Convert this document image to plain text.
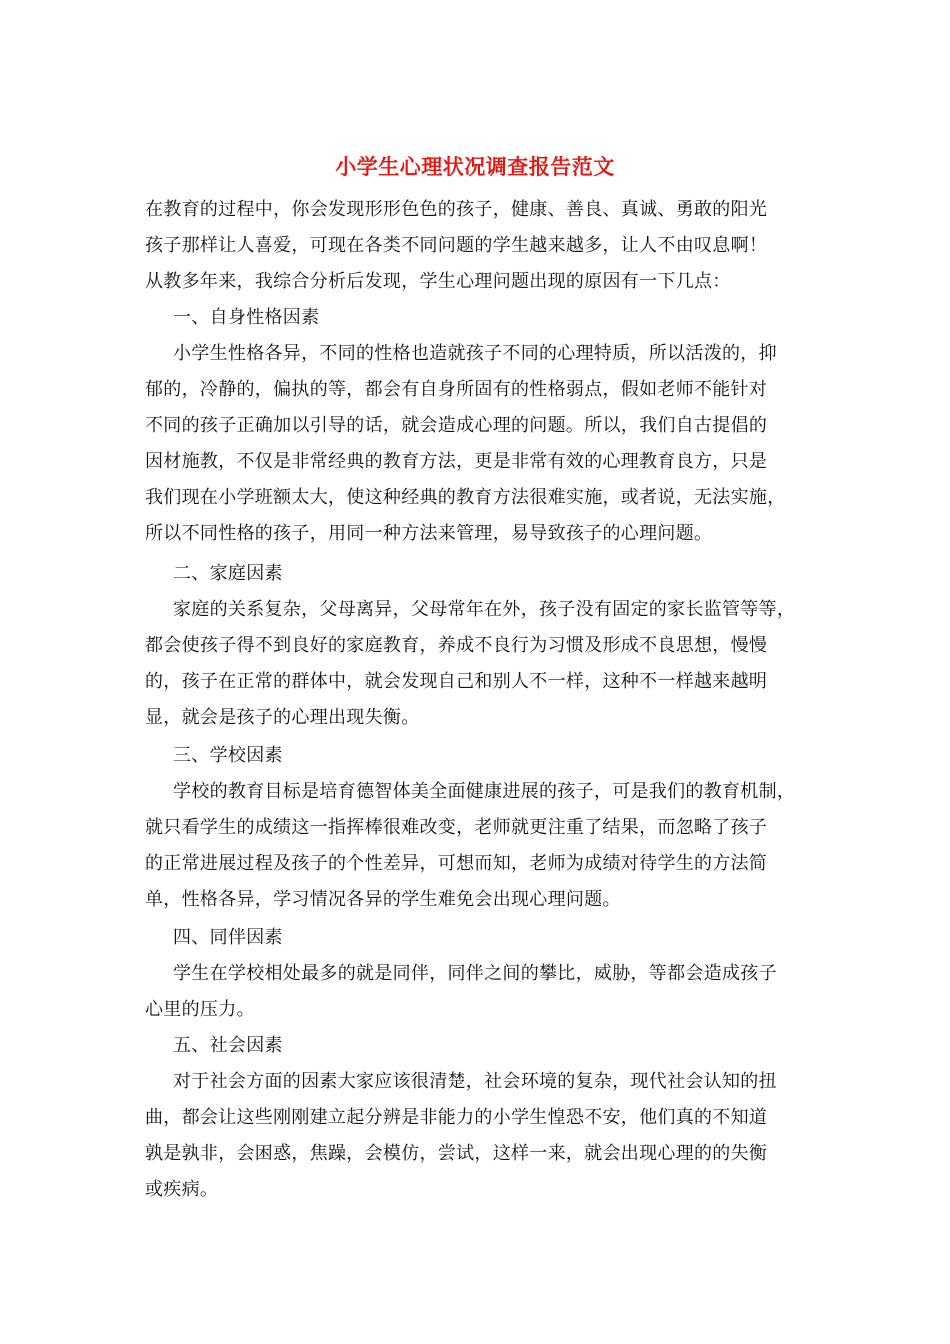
小学生心理状况调查报告范文
在教育的过程中，你会发现形形色色的孩子，健康、善良、真诚、勇敢的阳光
孩子那样让人喜爱，可现在各类不同问题的学生越来越多，让人不由叹息啊！
从教多年来，我综合分析后发现，学生心理问题出现的原因有一下几点：
一、自身性格因素
小学生性格各异，不同的性格也造就孩子不同的心理特质，所以活泼的，抑
郁的，冷静的，偏执的等，都会有自身所固有的性格弱点，假如老师不能针对
不同的孩子正确加以引导的话，就会造成心理的问题。所以，我们自古提倡的
因材施教，不仅是非常经典的教育方法，更是非常有效的心理教育良方，只是
我们现在小学班额太大，使这种经典的教育方法很难实施，或者说，无法实施，
所以不同性格的孩子，用同一种方法来管理，易导致孩子的心理问题。
二、家庭因素
家庭的关系复杂，父母离异，父母常年在外，孩子没有固定的家长监管等等，
都会使孩子得不到良好的家庭教育，养成不良行为习惯及形成不良思想，慢慢
的，孩子在正常的群体中，就会发现自己和别人不一样，这种不一样越来越明
显，就会是孩子的心理出现失衡。
三、学校因素
学校的教育目标是培育德智体美全面健康进展的孩子，可是我们的教育机制，
就只看学生的成绩这一指挥棒很难改变，老师就更注重了结果，而忽略了孩子
的正常进展过程及孩子的个性差异，可想而知，老师为成绩对待学生的方法简
单，性格各异，学习情况各异的学生难免会出现心理问题。
四、同伴因素
学生在学校相处最多的就是同伴，同伴之间的攀比，威胁，等都会造成孩子
心里的压力。
五、社会因素
对于社会方面的因素大家应该很清楚，社会环境的复杂，现代社会认知的扭
曲，都会让这些刚刚建立起分辨是非能力的小学生惶恐不安，他们真的不知道
孰是孰非，会困惑，焦躁，会模仿，尝试，这样一来，就会出现心理的的失衡
或疾病。
